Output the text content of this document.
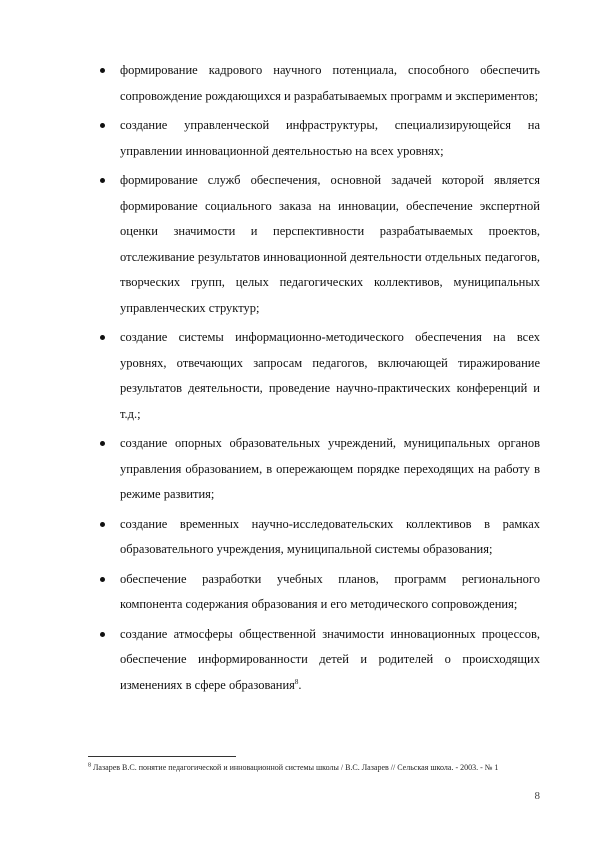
формирование кадрового научного потенциала, способного обеспечить сопровождение рождающихся и разрабатываемых программ и экспериментов;
создание управленческой инфраструктуры, специализирующейся на управлении инновационной деятельностью на всех уровнях;
формирование служб обеспечения, основной задачей которой является формирование социального заказа на инновации, обеспечение экспертной оценки значимости и перспективности разрабатываемых проектов, отслеживание результатов инновационной деятельности отдельных педагогов, творческих групп, целых педагогических коллективов, муниципальных управленческих структур;
создание системы информационно-методического обеспечения на всех уровнях, отвечающих запросам педагогов, включающей тиражирование результатов деятельности, проведение научно-практических конференций и т.д.;
создание опорных образовательных учреждений, муниципальных органов управления образованием, в опережающем порядке переходящих на работу в режиме развития;
создание временных научно-исследовательских коллективов в рамках образовательного учреждения, муниципальной системы образования;
обеспечение разработки учебных планов, программ регионального компонента содержания образования и его методического сопровождения;
создание атмосферы общественной значимости инновационных процессов, обеспечение информированности детей и родителей о происходящих изменениях в сфере образования$^8$.
$^8$ Лазарев В.С. понятие педагогической и инновационной системы школы / В.С. Лазарев // Сельская школа. - 2003. - № 1
8
